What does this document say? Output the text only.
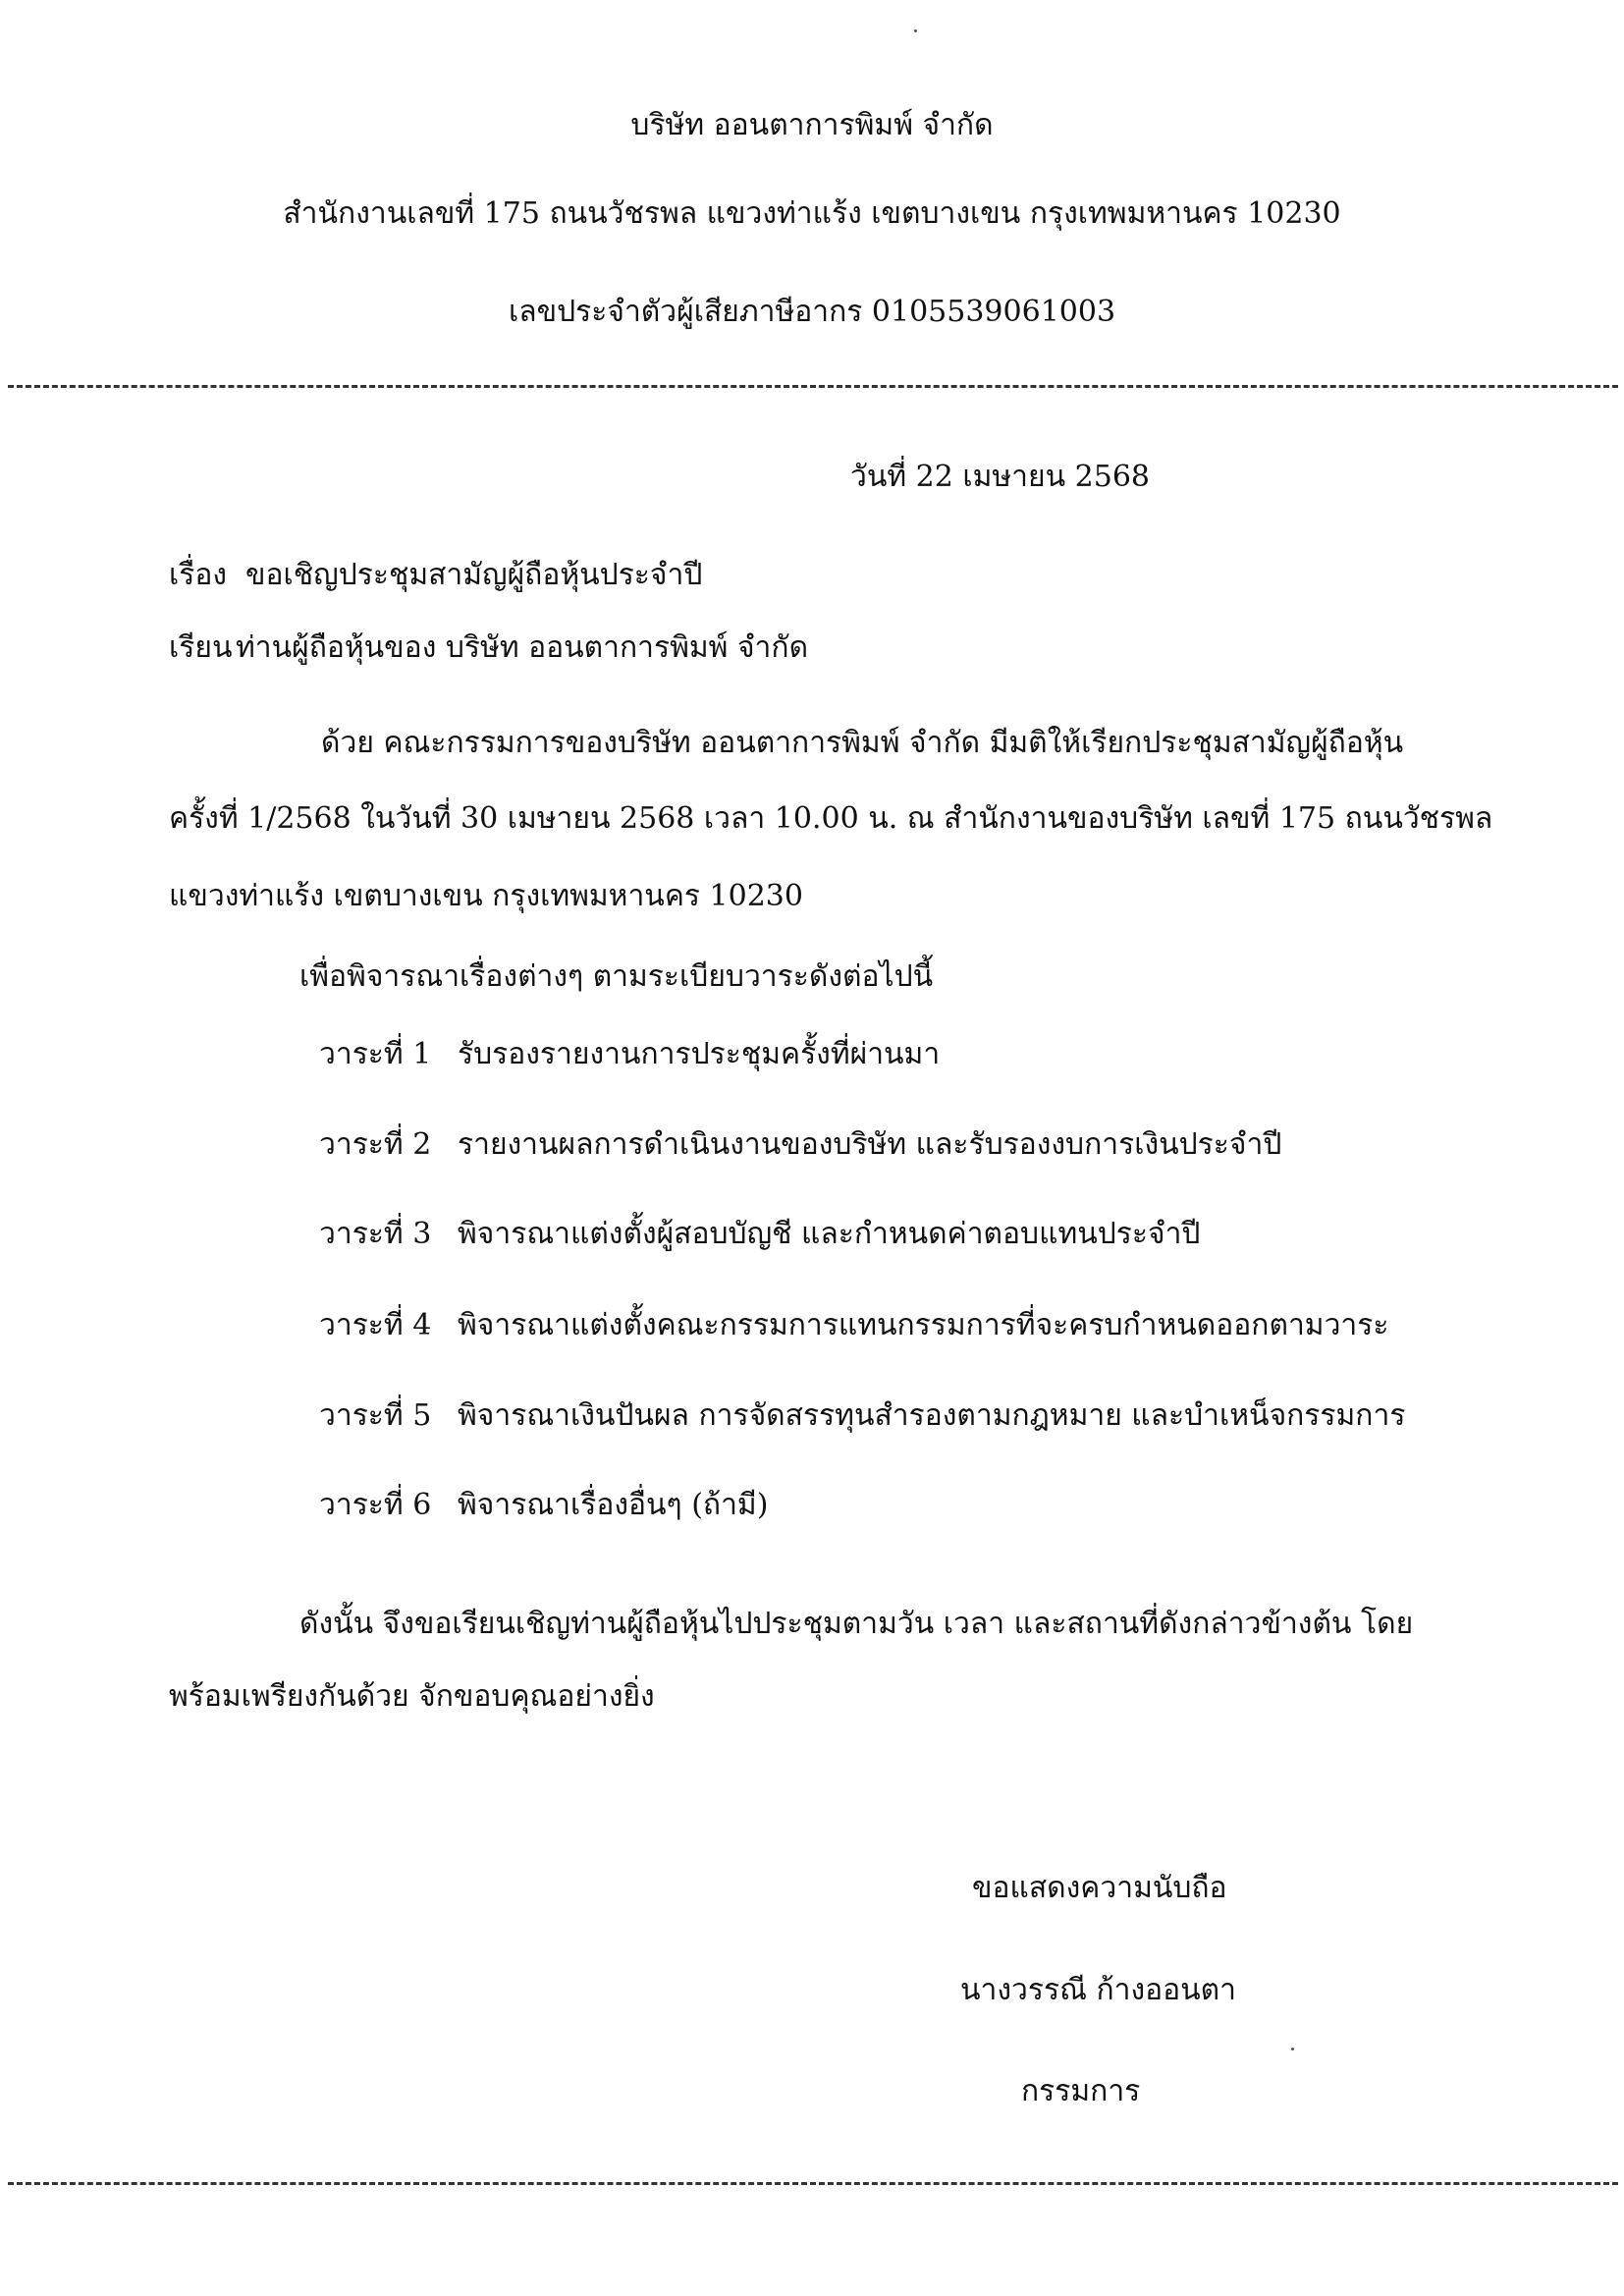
บริษัท ออนตาการพิมพ์ จำกัด
สำนักงานเลขที่ 175 ถนนวัชรพล แขวงท่าแร้ง เขตบางเขน กรุงเทพมหานคร 10230
เลขประจำตัวผู้เสียภาษีอากร 0105539061003
วันที่ 22 เมษายน 2568
เรื่อง ขอเชิญประชุมสามัญผู้ถือหุ้นประจำปี
เรียน ท่านผู้ถือหุ้นของ บริษัท ออนตาการพิมพ์ จำกัด
ด้วย คณะกรรมการของบริษัท ออนตาการพิมพ์ จำกัด มีมติให้เรียกประชุมสามัญผู้ถือหุ้น
ครั้งที่ 1/2568 ในวันที่ 30 เมษายน 2568 เวลา 10.00 น. ณ สำนักงานของบริษัท เลขที่ 175 ถนนวัชรพล
แขวงท่าแร้ง เขตบางเขน กรุงเทพมหานคร 10230
เพื่อพิจารณาเรื่องต่างๆ ตามระเบียบวาระดังต่อไปนี้
วาระที่ 1 รับรองรายงานการประชุมครั้งที่ผ่านมา
วาระที่ 2 รายงานผลการดำเนินงานของบริษัท และรับรองงบการเงินประจำปี
วาระที่ 3 พิจารณาแต่งตั้งผู้สอบบัญชี และกำหนดค่าตอบแทนประจำปี
วาระที่ 4 พิจารณาแต่งตั้งคณะกรรมการแทนกรรมการที่จะครบกำหนดออกตามวาระ
วาระที่ 5 พิจารณาเงินปันผล การจัดสรรทุนสำรองตามกฎหมาย และบำเหน็จกรรมการ
วาระที่ 6 พิจารณาเรื่องอื่นๆ (ถ้ามี)
ดังนั้น จึงขอเรียนเชิญท่านผู้ถือหุ้นไปประชุมตามวัน เวลา และสถานที่ดังกล่าวข้างต้น โดย
พร้อมเพรียงกันด้วย จักขอบคุณอย่างยิ่ง
ขอแสดงความนับถือ
นางวรรณี ก้างออนตา
กรรมการ
